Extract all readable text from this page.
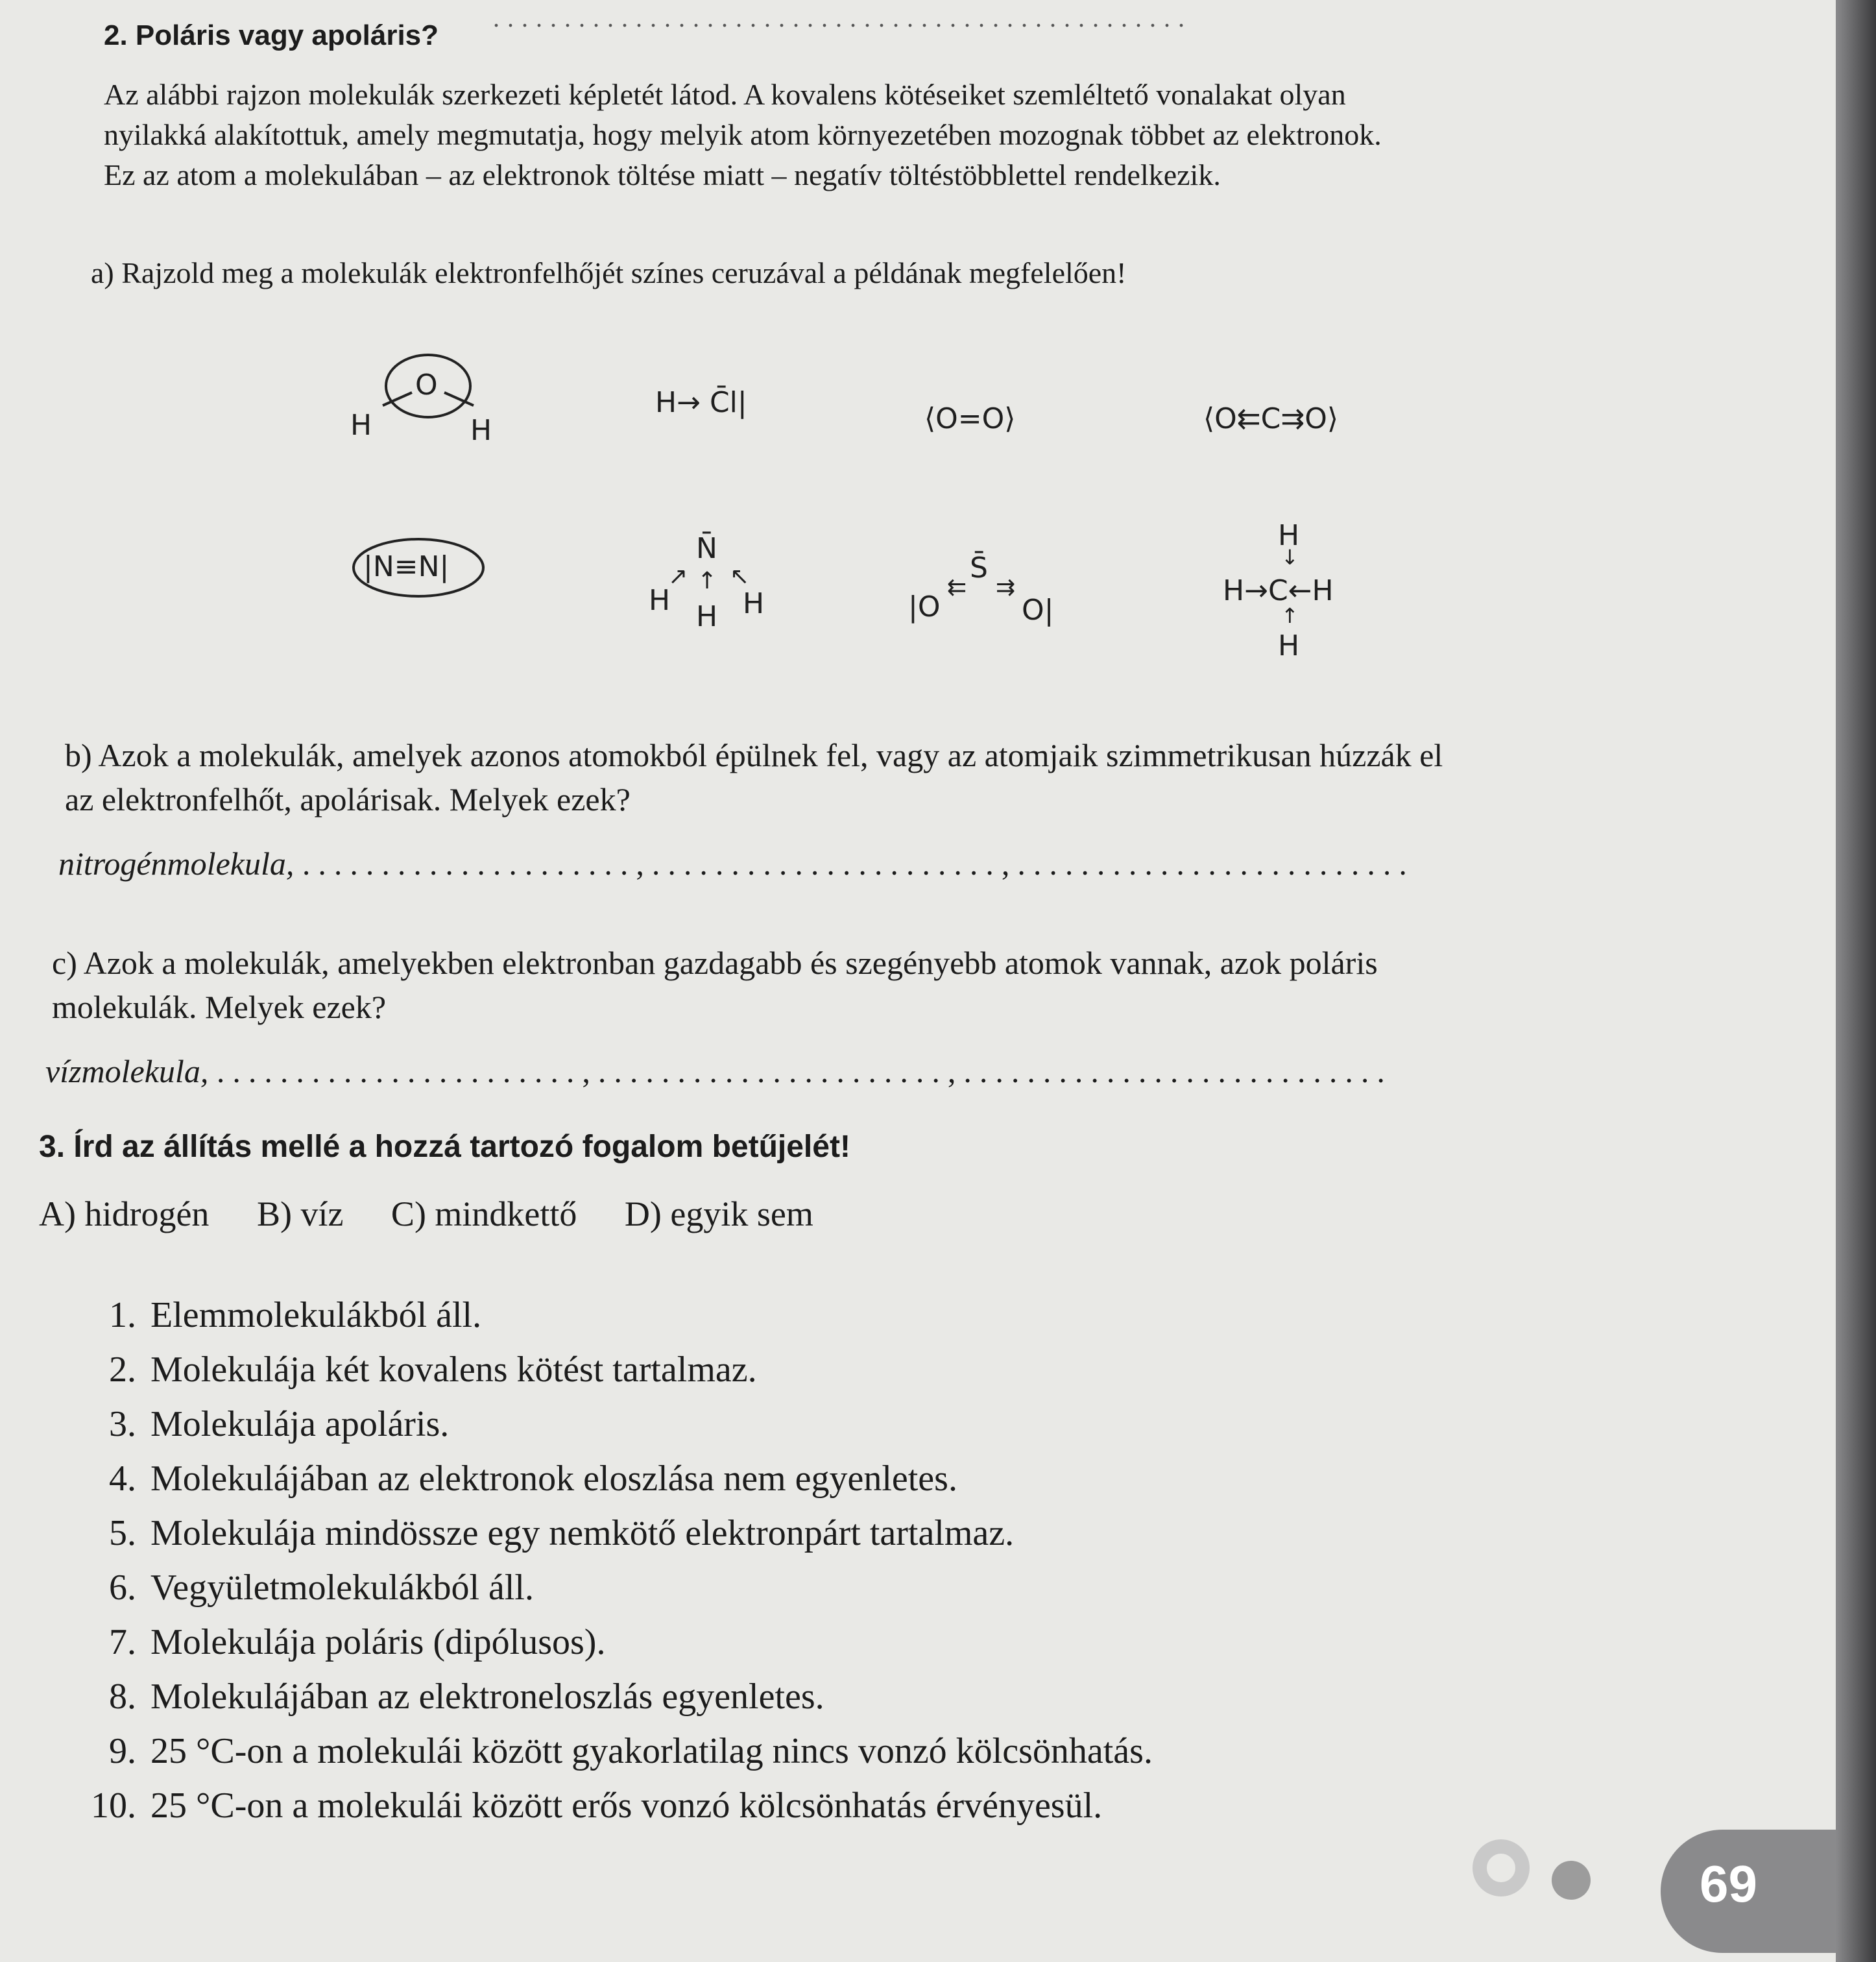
2. Poláris vagy apoláris?
.................................................
Az alábbi rajzon molekulák szerkezeti képletét látod. A kovalens kötéseiket szemléltető vonalakat olyan
nyilakká alakítottuk, amely megmutatja, hogy melyik atom környezetében mozognak többet az elektronok.
Ez az atom a molekulában – az elektronok töltése miatt – negatív töltéstöbblettel rendelkezik.
a) Rajzold meg a molekulák elektronfelhőjét színes ceruzával a példának megfelelően!
H	H
O
H→ C̄l|	⟨O=O⟩	⟨O⇇C⇉O⟩
|N≡N|
N̄
H H H
↑
↗ ↖
|O
S̄
O|
⇇ ⇉
H
↓
H→C←H
↑
H
b) Azok a molekulák, amelyek azonos atomokból épülnek fel, vagy az atomjaik szimmetrikusan húzzák el
az elektronfelhőt, apolárisak. Melyek ezek?
nitrogénmolekula, .....................,......................,.........................
c) Azok a molekulák, amelyekben elektronban gazdagabb és szegényebb atomok vannak, azok poláris
molekulák. Melyek ezek?
vízmolekula, .......................,......................,...........................
3. Írd az állítás mellé a hozzá tartozó fogalom betűjelét!
A) hidrogén B) víz C) mindkettő D) egyik sem
1. Elemmolekulákból áll.
2. Molekulája két kovalens kötést tartalmaz.
3. Molekulája apoláris.
4. Molekulájában az elektronok eloszlása nem egyenletes.
5. Molekulája mindössze egy nemkötő elektronpárt tartalmaz.
6. Vegyületmolekulákból áll.
7. Molekulája poláris (dipólusos).
8. Molekulájában az elektroneloszlás egyenletes.
9. 25 °C-on a molekulái között gyakorlatilag nincs vonzó kölcsönhatás.
10. 25 °C-on a molekulái között erős vonzó kölcsönhatás érvényesül.
69
